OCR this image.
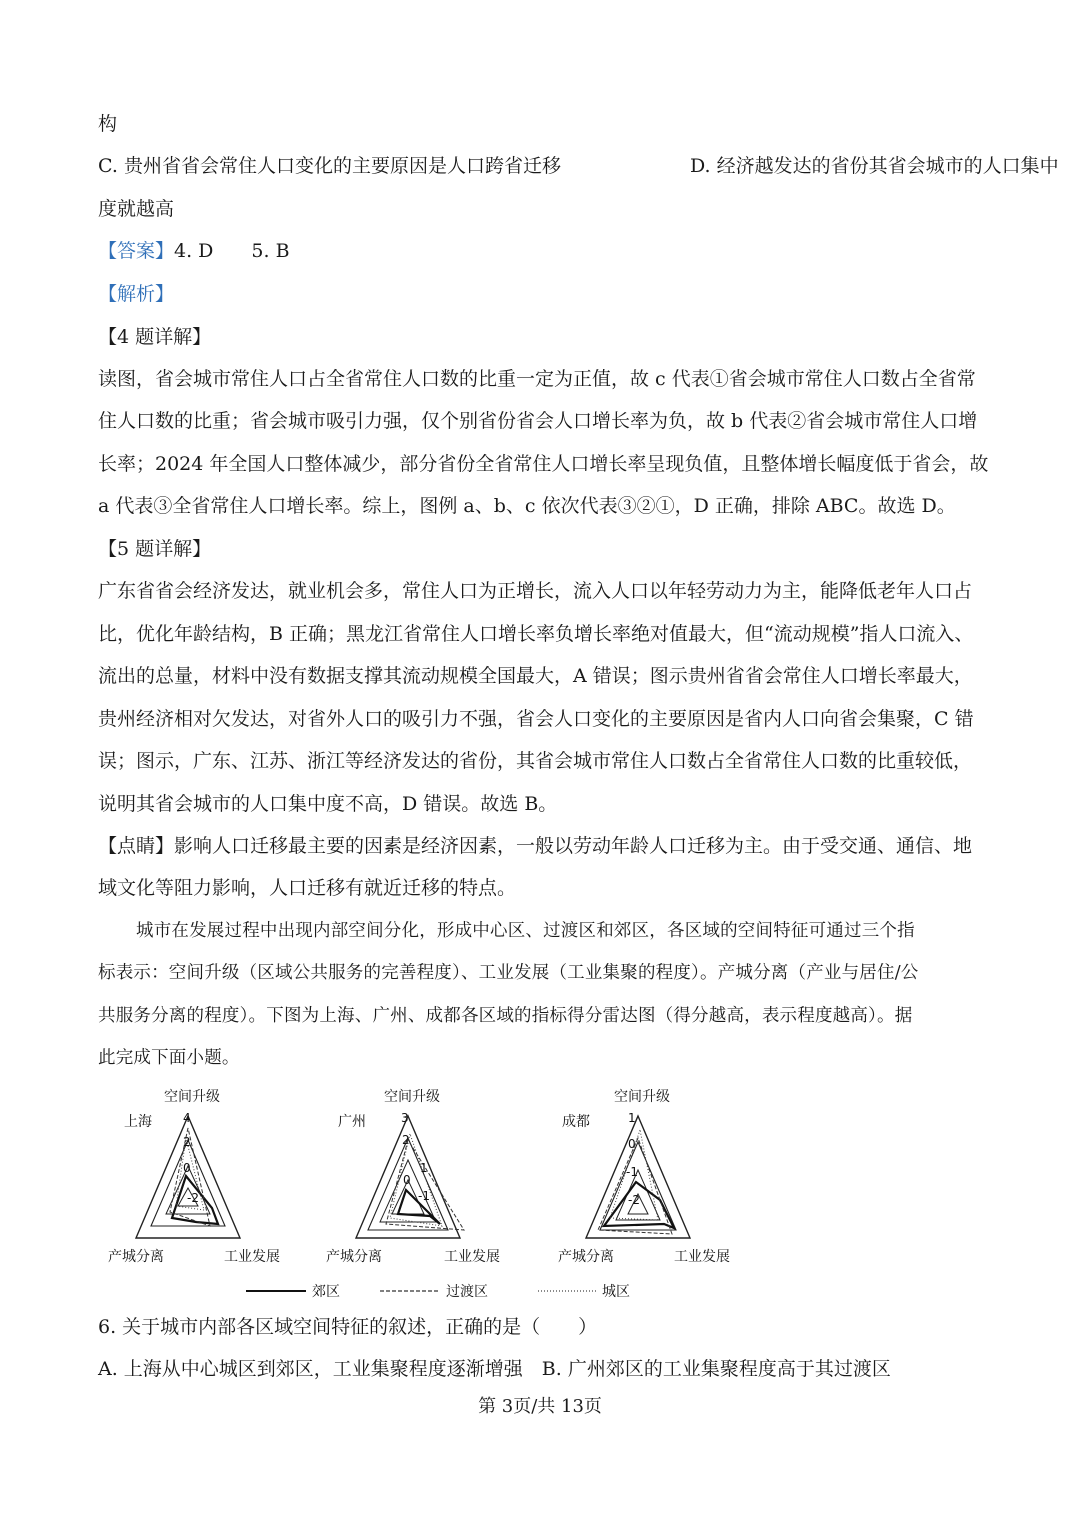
构
C. 贵州省省会常住人口变化的主要原因是人口跨省迁移	D. 经济越发达的省份其省会城市的人口集中
度就越高
【答案】4. D　　5. B
【解析】
【4 题详解】
读图，省会城市常住人口占全省常住人口数的比重一定为正值，故 c 代表①省会城市常住人口数占全省常
住人口数的比重；省会城市吸引力强，仅个别省份省会人口增长率为负，故 b 代表②省会城市常住人口增
长率；2024 年全国人口整体减少，部分省份全省常住人口增长率呈现负值，且整体增长幅度低于省会，故
a 代表③全省常住人口增长率。综上，图例 a、b、c 依次代表③②①，D 正确，排除 ABC。故选 D。
【5 题详解】
广东省省会经济发达，就业机会多，常住人口为正增长，流入人口以年轻劳动力为主，能降低老年人口占
比，优化年龄结构，B 正确；黑龙江省常住人口增长率负增长率绝对值最大，但“流动规模”指人口流入、
流出的总量，材料中没有数据支撑其流动规模全国最大，A 错误；图示贵州省省会常住人口增长率最大，
贵州经济相对欠发达，对省外人口的吸引力不强，省会人口变化的主要原因是省内人口向省会集聚，C 错
误；图示，广东、江苏、浙江等经济发达的省份，其省会城市常住人口数占全省常住人口数的比重较低，
说明其省会城市的人口集中度不高，D 错误。故选 B。
【点睛】影响人口迁移最主要的因素是经济因素，一般以劳动年龄人口迁移为主。由于受交通、通信、地
域文化等阻力影响，人口迁移有就近迁移的特点。
城市在发展过程中出现内部空间分化，形成中心区、过渡区和郊区，各区域的空间特征可通过三个指
标表示：空间升级（区域公共服务的完善程度）、工业发展（工业集聚的程度）。产城分离（产业与居住/公
共服务分离的程度）。下图为上海、广州、成都各区域的指标得分雷达图（得分越高，表示程度越高）。据
此完成下面小题。
空间升级
上海
产城分离	工业发展
4
2
0
-2
空间升级
广州
产城分离	工业发展
3
2
1
0
-1
空间升级
成都
产城分离	工业发展
1
0
-1
-2
郊区	过渡区	城区
6. 关于城市内部各区域空间特征的叙述，正确的是（　　）
A. 上海从中心城区到郊区，工业集聚程度逐渐增强　B. 广州郊区的工业集聚程度高于其过渡区
第 3页/共 13页
